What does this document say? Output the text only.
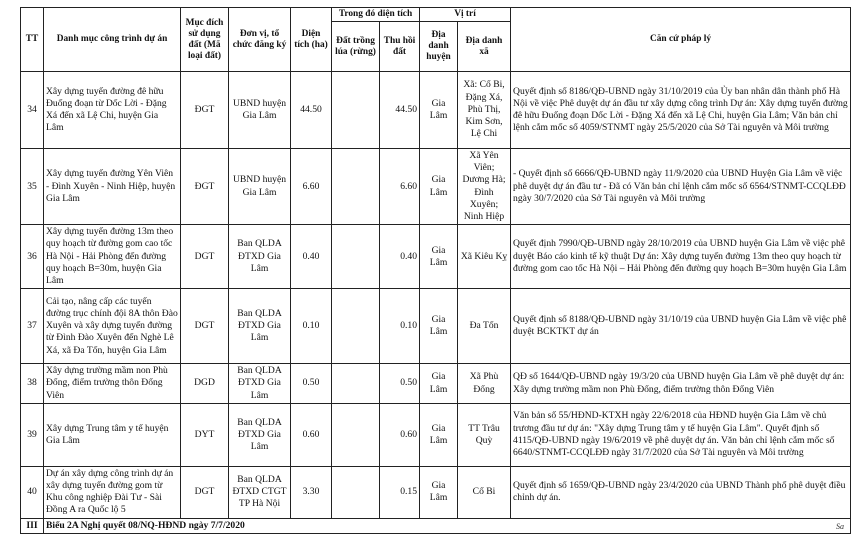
TT	Danh mục công trình dự án	Mục đích sử dụng đất (Mã loại đất)	Đơn vị, tổ chức đăng ký	Diện tích (ha)	Trong đó diện tích		Vị trí		Căn cứ pháp lý
					Đất trồng lúa (rừng)	Thu hồi đất	Địa danh huyện	Địa danh xã	
34	Xây dựng tuyến đường đê hữu Đuống đoạn từ Dốc Lời - Đặng Xá đến xã Lệ Chi, huyện Gia Lâm	ĐGT	UBND huyện Gia Lâm	44.50		44.50	Gia Lâm	Xã: Cổ Bi, Đặng Xá, Phù Thị, Kim Sơn, Lệ Chi	Quyết định số 8186/QĐ-UBND ngày 31/10/2019 của Ủy ban nhân dân thành phố Hà Nội về việc Phê duyệt dự án đầu tư xây dựng công trình Dự án: Xây dựng tuyến đường đê hữu Đuống đoạn Dốc Lời - Đặng Xá đến xã Lệ Chi, huyện Gia Lâm; Văn bản chỉ lệnh cắm mốc số 4059/STNMT ngày 25/5/2020 của Sở Tài nguyên và Môi trường
35	Xây dựng tuyến đường Yên Viên - Đình Xuyên - Ninh Hiệp, huyện Gia Lâm	ĐGT	UBND huyện Gia Lâm	6.60		6.60	Gia Lâm	Xã Yên Viên; Dương Hà; Đình Xuyên; Ninh Hiệp	- Quyết định số 6666/QĐ-UBND ngày 11/9/2020 của UBND Huyện Gia Lâm về việc phê duyệt dự án đầu tư - Đã có Văn bản chỉ lệnh cắm mốc số 6564/STNMT-CCQLĐĐ ngày 30/7/2020 của Sở Tài nguyên và Môi trường
36	Xây dựng tuyến đường 13m theo quy hoạch từ đường gom cao tốc Hà Nội - Hải Phòng đến đường quy hoạch B=30m, huyện Gia Lâm	DGT	Ban QLDA ĐTXD Gia Lâm	0.40		0.40	Gia Lâm	Xã Kiêu Kỵ	Quyết định 7990/QĐ-UBND ngày 28/10/2019 của UBND huyện Gia Lâm về việc phê duyệt Báo cáo kinh tế kỹ thuật Dự án: Xây dựng tuyến đường 13m theo quy hoạch từ đường gom cao tốc Hà Nội – Hải Phòng đến đường quy hoạch B=30m huyện Gia Lâm
37	Cải tạo, nâng cấp các tuyến đường trục chính đội 8A thôn Đào Xuyên và xây dựng tuyến đường từ Đình Đào Xuyên đến Nghè Lê Xá, xã Đa Tốn, huyện Gia Lâm	DGT	Ban QLDA ĐTXD Gia Lâm	0.10		0.10	Gia Lâm	Đa Tốn	Quyết định số 8188/QĐ-UBND ngày 31/10/19 của UBND huyện Gia Lâm về việc phê duyệt BCKTKT dự án
38	Xây dựng trường mầm non Phù Đổng, điểm trường thôn Đổng Viên	DGD	Ban QLDA ĐTXD Gia Lâm	0.50		0.50	Gia Lâm	Xã Phù Đổng	QĐ số 1644/QĐ-UBND ngày 19/3/20 của UBND huyện Gia Lâm về phê duyệt dự án: Xây dựng trường mầm non Phù Đổng, điểm trường thôn Đổng Viên
39	Xây dựng Trung tâm y tế huyện Gia Lâm	DYT	Ban QLDA ĐTXD Gia Lâm	0.60		0.60	Gia Lâm	TT Trâu Quỳ	Văn bản số 55/HĐND-KTXH ngày 22/6/2018 của HĐND huyện Gia Lâm về chủ trương đầu tư dự án: "Xây dựng Trung tâm y tế huyện Gia Lâm". Quyết định số 4115/QĐ-UBND ngày 19/6/2019 về phê duyệt dự án. Văn bản chỉ lệnh cắm mốc số 6640/STNMT-CCQLĐĐ ngày 31/7/2020 của Sở Tài nguyên và Môi trường
40	Dự án xây dựng công trình dự án xây dựng tuyến đường gom từ Khu công nghiệp Đài Tư - Sài Đồng A ra Quốc lộ 5	DGT	Ban QLDA ĐTXD CTGT TP Hà Nội	3.30		0.15	Gia Lâm	Cổ Bi	Quyết định số 1659/QĐ-UBND ngày 23/4/2020 của UBND Thành phố phê duyệt điều chỉnh dự án.
III	Biểu 2A Nghị quyết 08/NQ-HĐND ngày 7/7/2020									Sa
